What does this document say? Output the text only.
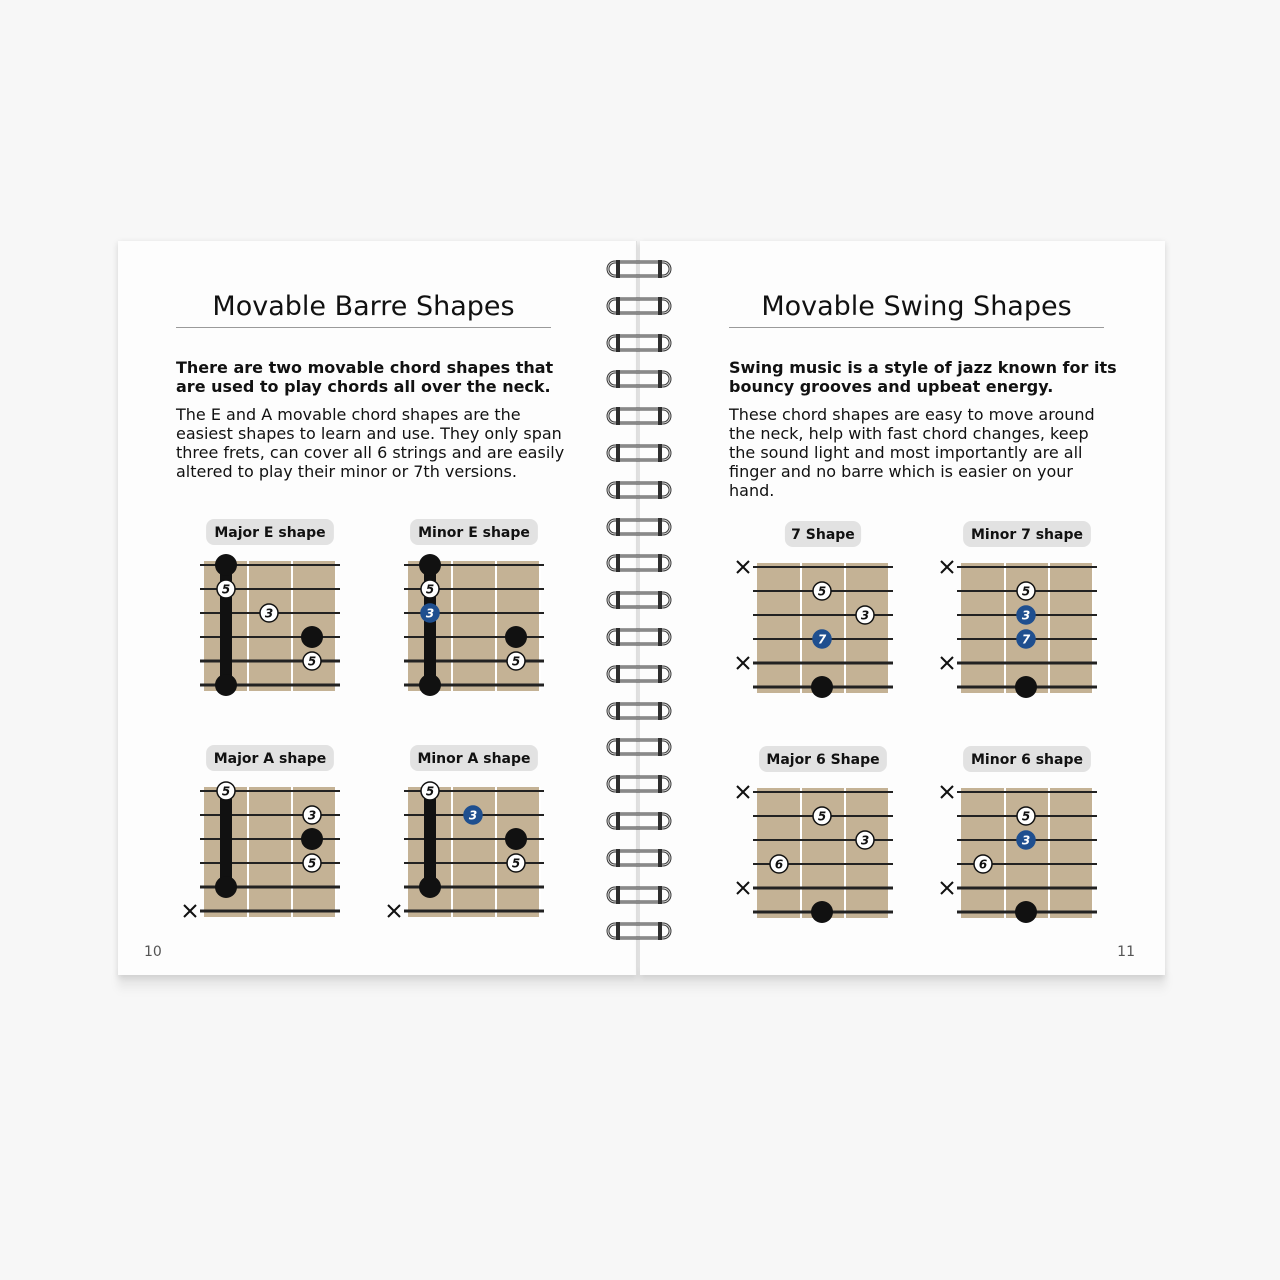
Movable Barre Shapes
There are two movable chord shapes that are used to play chords all over the neck.
The E and A movable chord shapes are the easiest shapes to learn and use. They only span three frets, can cover all 6 strings and are easily altered to play their minor or 7th versions.
Major E shape
5
3
5
Minor E shape
5
3
5
Major A shape
5
3
5
Minor A shape
5
3
5
10
Movable Swing Shapes
Swing music is a style of jazz known for its bouncy grooves and upbeat energy.
These chord shapes are easy to move around the neck, help with fast chord changes, keep the sound light and most importantly are all finger and no barre which is easier on your hand.
7 Shape
5
3
7
Minor 7 shape
5
3
7
Major 6 Shape
5
3
6
Minor 6 shape
5
3
6
11
